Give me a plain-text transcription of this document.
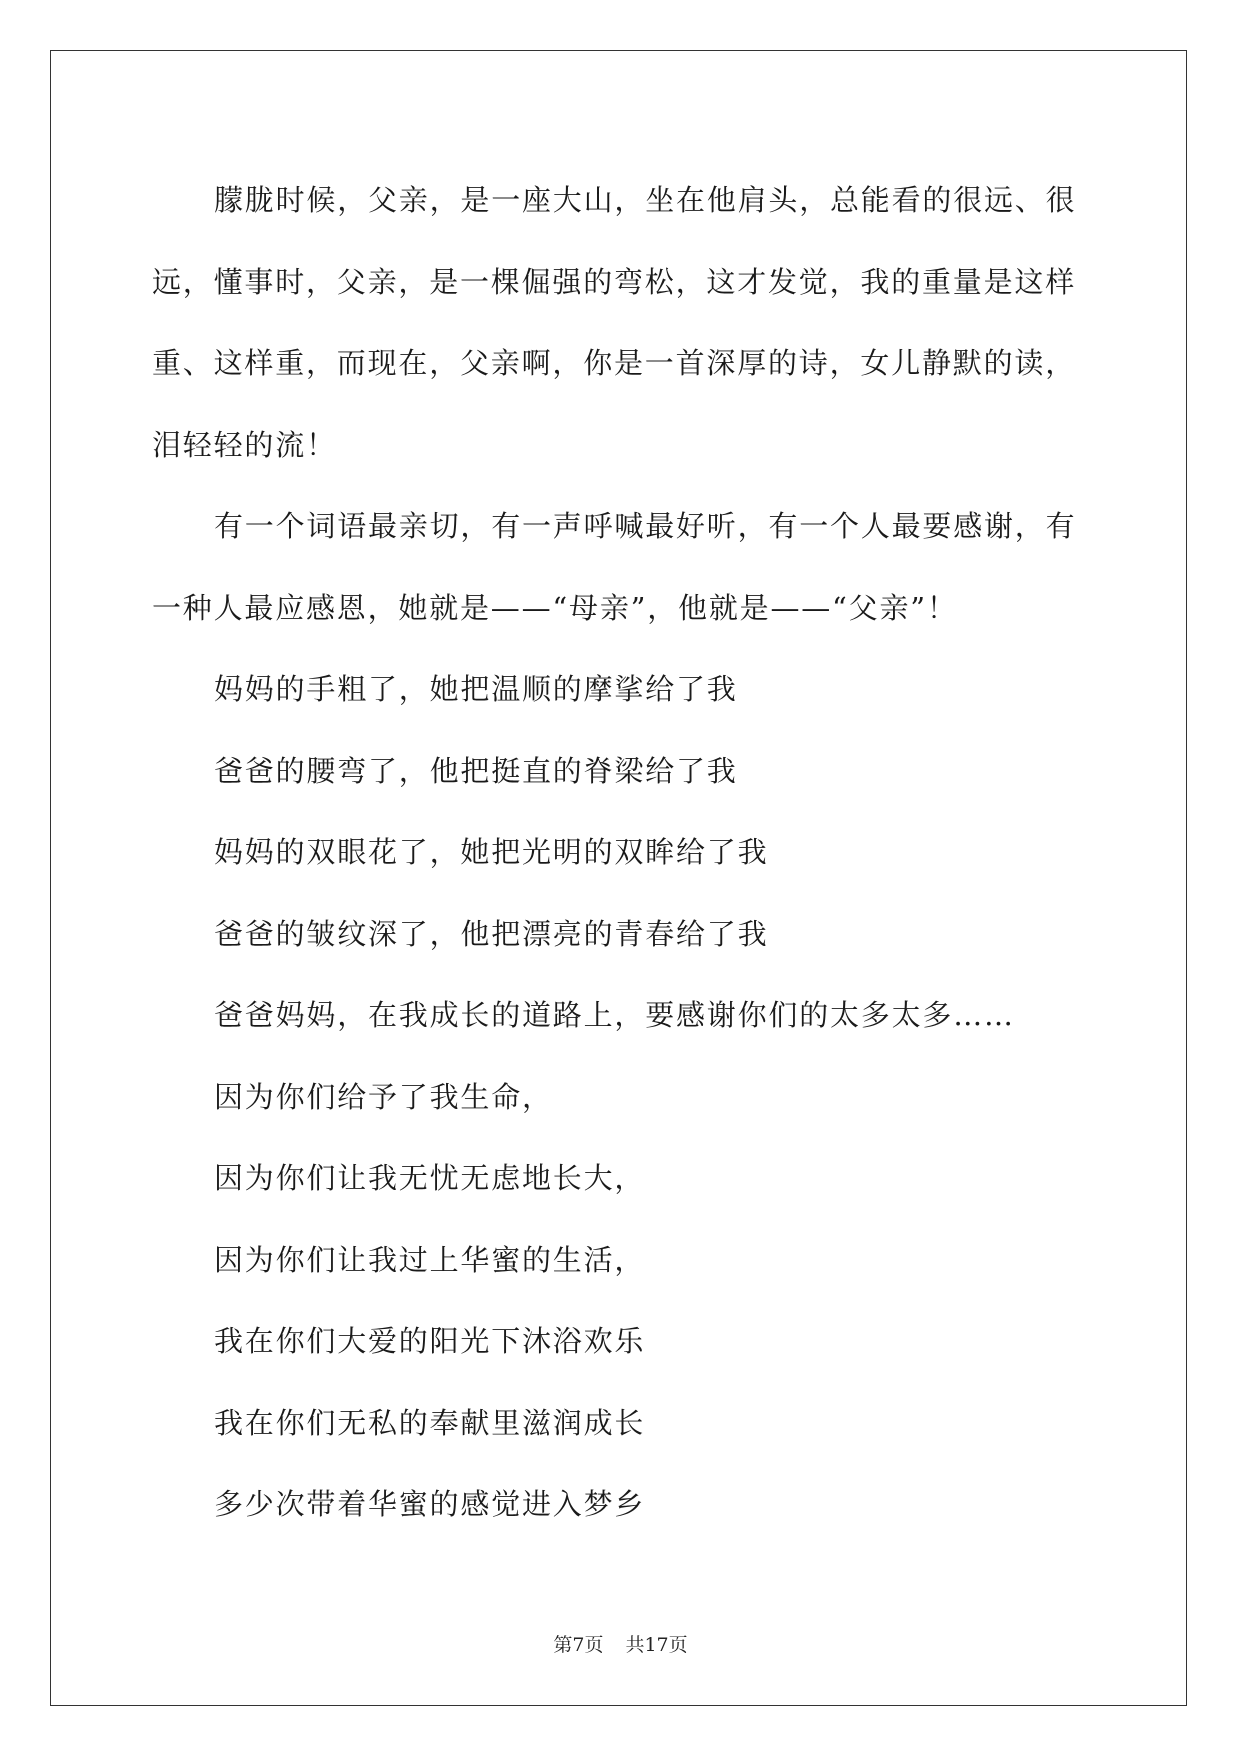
朦胧时候，父亲，是一座大山，坐在他肩头，总能看的很远、很远，懂事时，父亲，是一棵倔强的弯松，这才发觉，我的重量是这样重、这样重，而现在，父亲啊，你是一首深厚的诗，女儿静默的读，泪轻轻的流！

有一个词语最亲切，有一声呼喊最好听，有一个人最要感谢，有一种人最应感恩，她就是——“母亲”，他就是——“父亲”！

妈妈的手粗了，她把温顺的摩挲给了我

爸爸的腰弯了，他把挺直的脊梁给了我

妈妈的双眼花了，她把光明的双眸给了我

爸爸的皱纹深了，他把漂亮的青春给了我

爸爸妈妈，在我成长的道路上，要感谢你们的太多太多……

因为你们给予了我生命，

因为你们让我无忧无虑地长大，

因为你们让我过上华蜜的生活，

我在你们大爱的阳光下沐浴欢乐

我在你们无私的奉献里滋润成长

多少次带着华蜜的感觉进入梦乡

第7页 共17页
